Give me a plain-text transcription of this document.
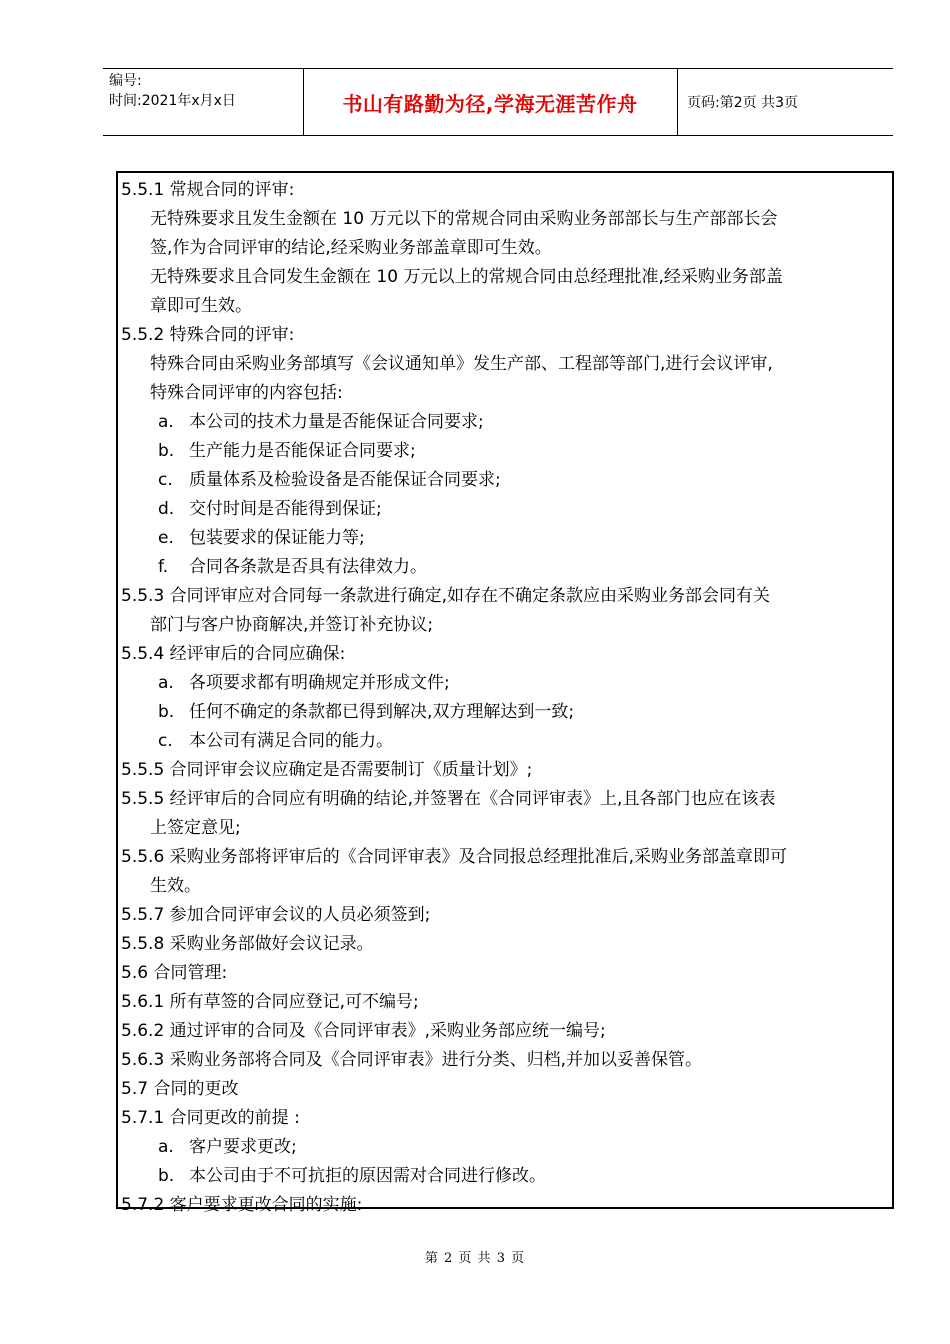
编号:
时间:2021年x月x日	书山有路勤为径,学海无涯苦作舟	页码:第2页 共3页
5.5.1 常规合同的评审:
无特殊要求且发生金额在 10 万元以下的常规合同由采购业务部部长与生产部部长会
签,作为合同评审的结论,经采购业务部盖章即可生效。
无特殊要求且合同发生金额在 10 万元以上的常规合同由总经理批准,经采购业务部盖
章即可生效。
5.5.2 特殊合同的评审:
特殊合同由采购业务部填写《会议通知单》发生产部、工程部等部门,进行会议评审,
特殊合同评审的内容包括:
a. 本公司的技术力量是否能保证合同要求;
b. 生产能力是否能保证合同要求;
c. 质量体系及检验设备是否能保证合同要求;
d. 交付时间是否能得到保证;
e. 包装要求的保证能力等;
f. 合同各条款是否具有法律效力。
5.5.3 合同评审应对合同每一条款进行确定,如存在不确定条款应由采购业务部会同有关
部门与客户协商解决,并签订补充协议;
5.5.4 经评审后的合同应确保:
a. 各项要求都有明确规定并形成文件;
b. 任何不确定的条款都已得到解决,双方理解达到一致;
c. 本公司有满足合同的能力。
5.5.5 合同评审会议应确定是否需要制订《质量计划》;
5.5.5 经评审后的合同应有明确的结论,并签署在《合同评审表》上,且各部门也应在该表
上签定意见;
5.5.6 采购业务部将评审后的《合同评审表》及合同报总经理批准后,采购业务部盖章即可
生效。
5.5.7 参加合同评审会议的人员必须签到;
5.5.8 采购业务部做好会议记录。
5.6 合同管理:
5.6.1 所有草签的合同应登记,可不编号;
5.6.2 通过评审的合同及《合同评审表》,采购业务部应统一编号;
5.6.3 采购业务部将合同及《合同评审表》进行分类、归档,并加以妥善保管。
5.7 合同的更改
5.7.1 合同更改的前提 :
a. 客户要求更改;
b. 本公司由于不可抗拒的原因需对合同进行修改。
5.7.2 客户要求更改合同的实施:
第 2 页 共 3 页
